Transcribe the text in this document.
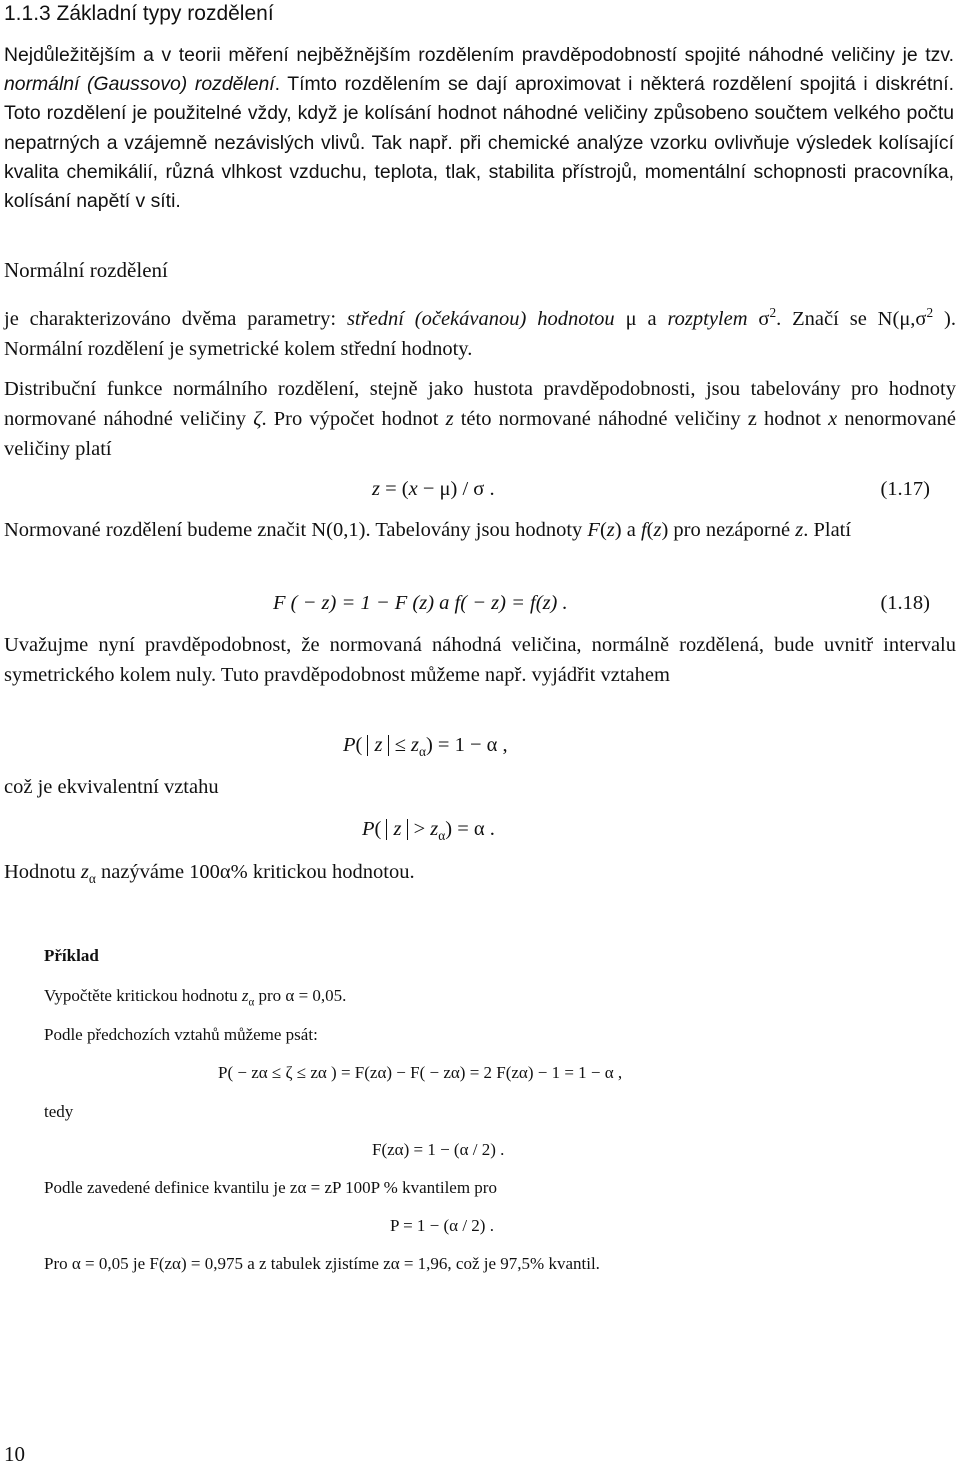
1.1.3 Základní typy rozdělení
Nejdůležitějším a v teorii měření nejběžnějším rozdělením pravděpodobností spojité náhodné veličiny je tzv. normální (Gaussovo) rozdělení. Tímto rozdělením se dají aproximovat i některá rozdělení spojitá i diskrétní. Toto rozdělení je použitelné vždy, když je kolísání hodnot náhodné veličiny způsobeno součtem velkého počtu nepatrných a vzájemně nezávislých vlivů. Tak např. při chemické analýze vzorku ovlivňuje výsledek kolísající kvalita chemikálií, různá vlhkost vzduchu, teplota, tlak, stabilita přístrojů, momentální schopnosti pracovníka, kolísání napětí v síti.
Normální rozdělení
je charakterizováno dvěma parametry: střední (očekávanou) hodnotou μ a rozptylem $\sigma^2$. Značí se $N(\mu,\sigma^2$ ). Normální rozdělení je symetrické kolem střední hodnoty.
Distribuční funkce normálního rozdělení, stejně jako hustota pravděpodobnosti, jsou tabelovány pro hodnoty normované náhodné veličiny ζ. Pro výpočet hodnot z této normované náhodné veličiny z hodnot x nenormované veličiny platí
z = (x − μ) / σ .	(1.17)
Normované rozdělení budeme značit N(0,1). Tabelovány jsou hodnoty F(z) a f(z) pro nezáporné z. Platí
F ( − z) = 1 − F (z) a f( − z) = f(z) .	(1.18)
Uvažujme nyní pravděpodobnost, že normovaná náhodná veličina, normálně rozdělená, bude uvnitř intervalu symetrického kolem nuly. Tuto pravděpodobnost můžeme např. vyjádřit vztahem
P( $z \le z_\alpha) = 1 - \alpha$ ,
což je ekvivalentní vztahu
P( $z > z_\alpha) = \alpha$ .
Hodnotu $z_\alpha$ nazýváme 100α% kritickou hodnotou.
Příklad
Vypočtěte kritickou hodnotu $z_\alpha$ pro α = 0,05.
Podle předchozích vztahů můžeme psát:
P( − zα ≤ ζ ≤ zα ) = F(zα) − F( − zα) = 2 F(zα) − 1 = 1 − α ,
tedy
F(zα) = 1 − (α / 2) .
Podle zavedené definice kvantilu je zα = zP 100P % kvantilem pro
P = 1 − (α / 2) .
Pro α = 0,05 je F(zα) = 0,975 a z tabulek zjistíme zα = 1,96, což je 97,5% kvantil.
10
